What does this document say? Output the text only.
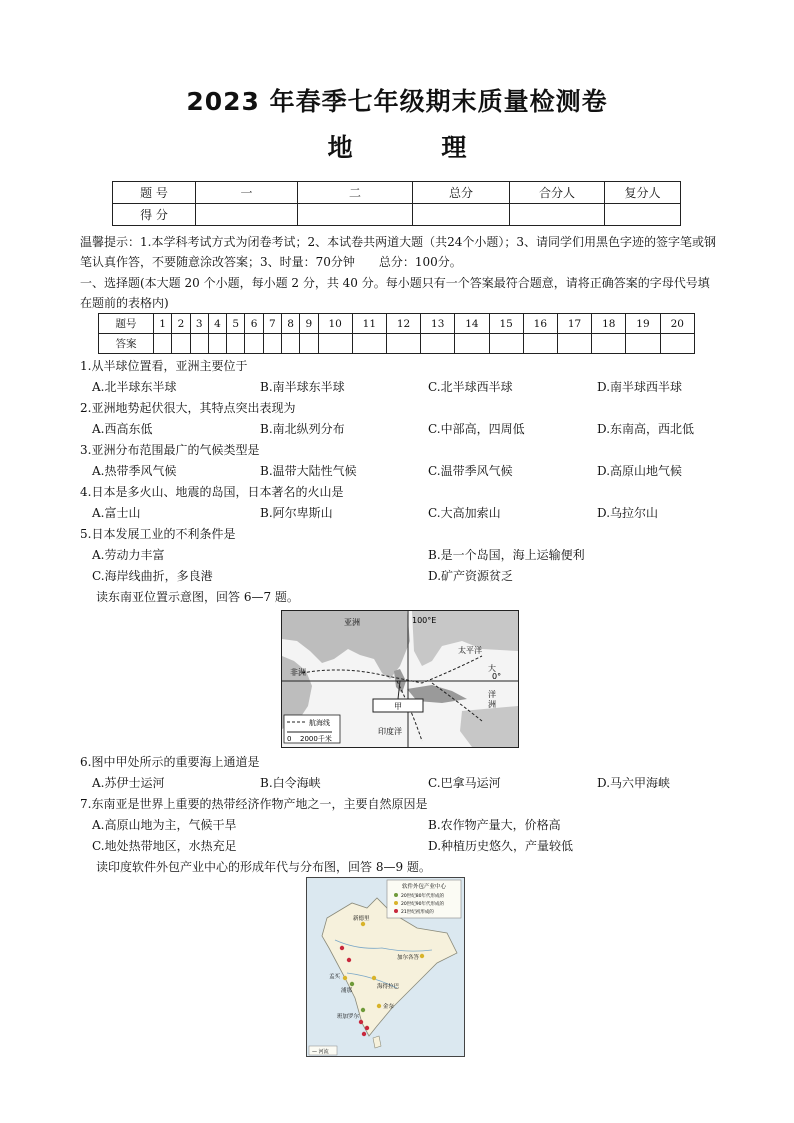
2023 年春季七年级期末质量检测卷
地 理
题 号	一	二	总分	合分人	复分人
得 分					
温馨提示：1.本学科考试方式为闭卷考试；2、本试卷共两道大题（共24个小题）；3、请同学们用黑色字迹的签字笔或钢笔认真作答，不要随意涂改答案；3、时量：70分钟　　总分：100分。
一、选择题(本大题 20 个小题，每小题 2 分，共 40 分。每小题只有一个答案最符合题意，请将正确答案的字母代号填在题前的表格内)
题号	1	2	3	4	5	6	7	8	9	10	11	12	13	14	15	16	17	18	19	20
答案																				
1.从半球位置看，亚洲主要位于
A.北半球东半球	B.南半球东半球	C.北半球西半球	D.南半球西半球
2.亚洲地势起伏很大，其特点突出表现为
A.西高东低	B.南北纵列分布	C.中部高，四周低	D.东南高，西北低
3.亚洲分布范围最广的气候类型是
A.热带季风气候	B.温带大陆性气候	C.温带季风气候	D.高原山地气候
4.日本是多火山、地震的岛国，日本著名的火山是
A.富士山	B.阿尔卑斯山	C.大高加索山	D.乌拉尔山
5.日本发展工业的不利条件是
A.劳动力丰富	B.是一个岛国，海上运输便利
C.海岸线曲折，多良港	D.矿产资源贫乏
读东南亚位置示意图，回答 6—7 题。
甲
亚洲	100°E
太平洋
非洲	大
0°
洋
洲
印度洋
航海线
0 2000千米
6.图中甲处所示的重要海上通道是
A.苏伊士运河	B.白令海峡	C.巴拿马运河	D.马六甲海峡
7.东南亚是世界上重要的热带经济作物产地之一，主要自然原因是
A.高原山地为主，气候干旱	B.农作物产量大，价格高
C.地处热带地区，水热充足	D.种植历史悠久，产量较低
读印度软件外包产业中心的形成年代与分布图，回答 8—9 题。
软件外包产业中心
20世纪80年代形成的
20世纪90年代形成的
21世纪初形成的
新德里
加尔各答
孟买
浦那
海得拉巴
班加罗尔
金奈
— 河流
